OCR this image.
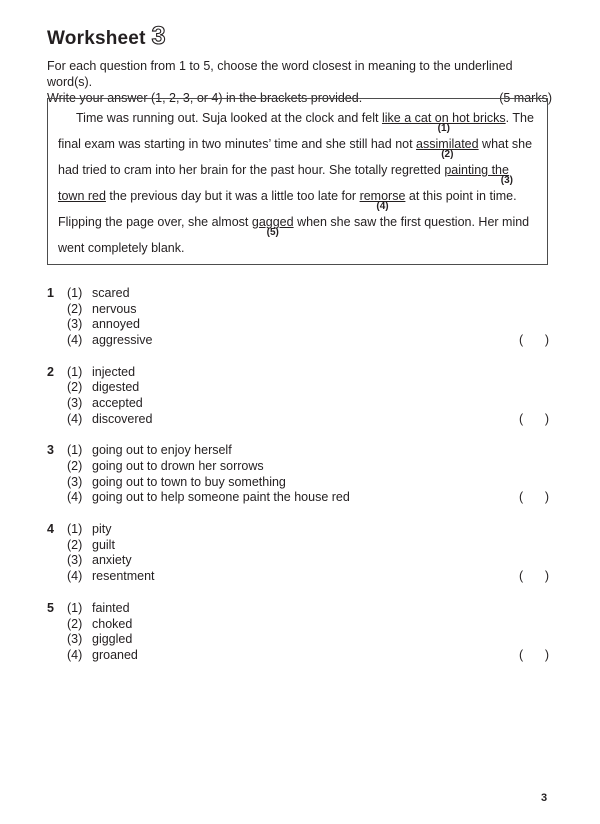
Worksheet 3
For each question from 1 to 5, choose the word closest in meaning to the underlined word(s).
Write your answer (1, 2, 3, or 4) in the brackets provided.	(5 marks)
Time was running out. Suja looked at the clock and felt like a cat on hot bricks
(1)
. The
final exam was starting in two minutes’ time and she still had not assimilated
(2)
what she
had tried to cram into her brain for the past hour. She totally regretted painting the
(3)
town red the previous day but it was a little too late for remorse
(4)
at this point in time.
Flipping the page over, she almost gagged
(5)
when she saw the first question. Her mind
went completely blank.
1	(1) scared
(2) nervous
(3) annoyed
(4) aggressive	( )
2	(1) injected
(2) digested
(3) accepted
(4) discovered	( )
3	(1) going out to enjoy herself
(2) going out to drown her sorrows
(3) going out to town to buy something
(4) going out to help someone paint the house red	( )
4	(1) pity
(2) guilt
(3) anxiety
(4) resentment	( )
5	(1) fainted
(2) choked
(3) giggled
(4) groaned	( )
3
